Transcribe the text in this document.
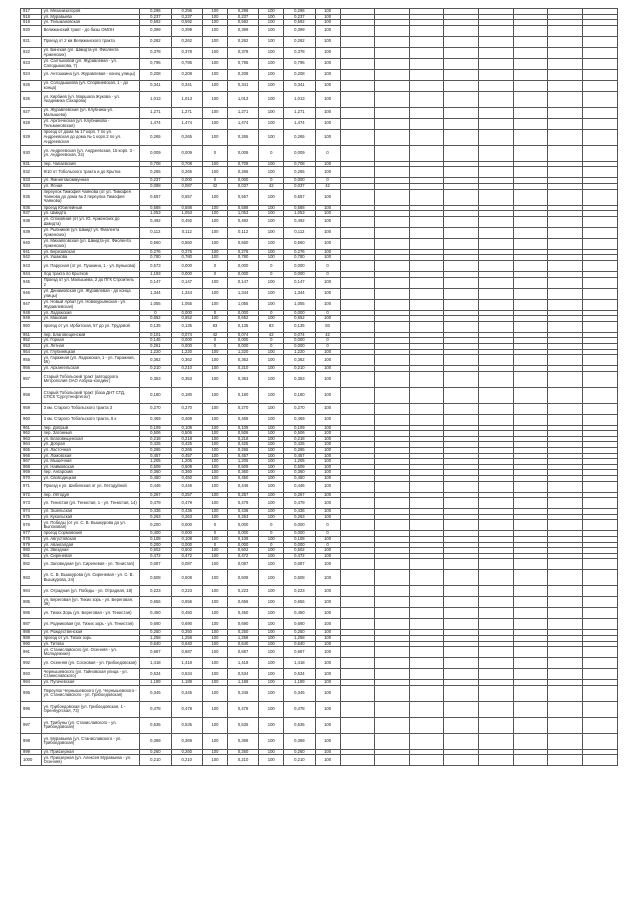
917	ул. Механизаторов	0,296	0,296	100	0,296	100	0,296	100								
918	ул. Муравьева	0,237	0,237	100	0,237	100	0,237	100								
919	ул. Тельмановская	0,592	0,592	100	0,592	100	0,592	100								
920	Велижанский тракт - до базы ОМОН	0,399	0,399	100	0,399	100	0,399	100								
921	Проезд от 2 км Велижанского тракта	0,262	0,262	100	0,262	100	0,262	100								
922	ул. Бинская (ул. Шмидта-ул. Фиолента Арженских)	0,378	0,378	100	0,378	100	0,378	100								
923	ул. Салтыковой (ул. Журавлевая - ул. Солодышкова, 7)	0,795	0,795	100	0,795	100	0,795	100								
924	ул. Антошкина (ул. Журавлевая - конец улицы)	0,208	0,208	100	0,208	100	0,208	100								
925	ул. Солодышкова (ул. Спорвиевская, 1 - до конца)	0,341	0,341	100	0,341	100	0,341	100								
926	ул. Кирбиев (ул. Маршала Жукова - ул. Академика Сахарова)	1,013	1,013	100	1,013	100	1,013	100								
927	ул. Журавлевская (ул. Клубника-ул. Малышева)	1,271	1,271	100	1,271	100	1,271	100								
928	ул. Арктическая (ул. Клубникова - Тельмановская)	1,474	1,474	100	1,474	100	1,474	100								
929	проезд от дома № 17 корп. 7 по ул. Андреевская до дома № 1 корп.2 по ул. Андреевская	0,265	0,265	100	0,265	100	0,265	100								
930	ул. Андреевская (ул. Андреевская, 15 корп. 3 - ул. Андреевская, 24)	0,009	0,009	0	0,009	0	0,009	0								
931	пер. Чапаевский	0,708	0,708	100	0,708	100	0,708	100								
932	9/10 от Тобольского тракта и до Крытка	0,265	0,265	100	0,265	100	0,265	100								
933	ул. Ямнинтакоммунная	0,237	0,000	0	0,000	0	0,000	0								
934	ул. Ясная	0,088	0,087	42	0,037	42	0,037	42								
935	переулок Тимофея Чаянова (от ул. Тимофея Чаянова до дома № 2 переулка Тимофея Чаянова)	0,557	0,557	100	0,557	100	0,557	100								
936	проезд Юбилейный	0,588	0,588	100	0,588	100	0,588	100								
937	ул. Шмидта	1,053	1,053	100	1,053	100	1,053	100								
938	ул. Спокойная (от ул. Ю. Арженских до Шмидта)	0,492	0,492	100	0,492	100	0,492	100								
939	ул. Рыбников (ул. Шмидт ул. Фиолента Арженских)	0,112	0,112	100	0,112	100	0,112	100								
940	ул. Михайловская (ул. Шмидта-ул. Фиолента Арженских)	0,560	0,560	100	0,560	100	0,560	100								
941	ул. Березовская	0,276	0,276	100	0,276	100	0,276	100								
942	ул. Ушакова	0,780	0,780	100	0,780	100	0,780	100								
943	ул. Парусная (от ул. Пушкина, 1 - ул. Бунькова)	0,573	0,000	0	0,000	0	0,000	0								
944	Ход тракта по Крытков	1,193	0,000	0	0,000	0	0,000	0								
945	Проезд от ул. Малышева, 2 до ПГК Строитель 2	0,147	0,147	100	0,147	100	0,147	100								
946	ул. Динамовская (ул. Журавлевая - до конца улицы)	1,344	1,344	100	1,344	100	1,344	100								
947	ул. Новый Арбат (ул. Новокурьянская - ул. Журавлевская)	1,055	1,055	100	1,055	100	1,055	100								
948	ул. Ладожская	0	0,000	0	0,000	0	0,000	0								
949	ул. Маковая	0,652	0,652	100	0,652	100	0,652	100								
950	проезд от ул. Ирбитская, 57 до ул. Трудовой	0,135	0,135	83	0,135	83	0,135	83								
951	пер. Благовещенский	0,101	0,074	42	0,074	42	0,074	42								
952	ул. Горная	0,146	0,000	0	0,000	0	0,000	0								
953	ул. Летная	0,261	0,000	0	0,000	0	0,000	0								
954	ул. Глубиняцкая	1,220	1,220	100	1,220	100	1,220	100								
955	ул. Гаражная (ул. Ладожская, 1 - ул. Гаражная, 55)	0,362	0,362	100	0,362	100	0,362	100								
956	ул. Архангельская	0,210	0,210	100	0,210	100	0,210	100								
957	Старый Тобольский тракт (автодорога Метрополия ОАО Азбука-холдинг)	0,353	0,353	100	0,353	100	0,353	100								
958	Старый Тобольский тракт (база ДНТ СТД, СПСК 'Сургутнефтегаз')	0,180	0,180	100	0,180	100	0,180	100								
959	3 км. Старого Тобольского тракта 3	0,270	0,270	100	0,270	100	0,270	100								
960	3 км. Старого Тобольского тракта, 8 к	0,469	0,469	100	0,469	100	0,469	100								
961	пер. Добрый	0,109	0,109	100	0,109	100	0,109	100								
962	пер. Затонный	0,506	0,506	100	0,506	100	0,506	100								
963	ул. Благовещенская	0,218	0,218	100	0,218	100	0,218	100								
964	ул. Добрая	0,425	0,425	100	0,425	100	0,425	100								
965	ул. Ласточная	0,265	0,265	100	0,265	100	0,265	100								
966	ул. Ломовская	0,457	0,457	100	0,457	100	0,457	100								
967	ул. Мышечная	1,205	1,205	100	1,205	100	1,205	100								
968	ул. Наймовская	0,509	0,509	100	0,509	100	0,509	100								
969	пер. Ангарский	0,360	0,360	100	0,360	100	0,360	100								
970	ул. Свободецкая	0,450	0,450	100	0,450	100	0,450	100								
971	Проезд к ул. Шибинская от ул. Летодуйной	0,446	0,446	100	0,446	100	0,446	100								
972	пер. Лётодуй	0,257	0,257	100	0,257	100	0,257	100								
973	ул. Тенистая (ул. Тенистая, 1 - ул. Тенистая, 14)	0,479	0,479	100	0,479	100	0,479	100								
974	ул. Эшельская	0,436	0,436	100	0,436	100	0,436	100								
975	ул. Кукольская	0,263	0,263	100	0,263	100	0,263	100								
976	ул. Победы (от ул. С. В. Вышкурова до ул. Выпоковая)	0,200	0,000	0	0,000	0	0,000	0								
977	проезд Сормовский	0,400	0,000	0	0,000	0	0,000	0								
978	ул. Августовская	0,108	0,108	100	0,108	100	0,108	100								
979	ул. Авангалдая	0,200	0,000	0	0,000	0	0,000	0								
980	ул. Звездная	0,502	0,502	100	0,502	100	0,502	100								
981	ул. Сиреневая	0,472	0,472	100	0,472	100	0,472	100								
982	ул. Заповедная (ул. Сиреневая - ул. Тенистая)	0,087	0,087	100	0,087	100	0,087	100								
983	ул. С. В. Вышкурова (ул. Сиреневая - ул. С. В. Вышкурова, 24)	0,508	0,508	100	0,508	100	0,508	100								
984	ул. Отрадная (ул. Победы - ул. Отрадная, 18)	0,223	0,223	100	0,223	100	0,223	100								
985	ул. Береговая (ул. Тихих зорь - ул. Береговая, 39)	0,656	0,656	100	0,656	100	0,656	100								
986	ул. Тихих Зорь (ул. Береговая - ул. Тенистая)	0,450	0,450	100	0,450	100	0,450	100								
987	ул. Родниковая (ул. Тихих зорь - ул. Тенистая)	0,690	0,690	100	0,690	100	0,690	100								
988	ул. Рождественская	0,250	0,250	100	0,250	100	0,250	100								
989	проезд от ул. Тихих зорь	1,258	1,258	100	1,258	100	1,258	100								
990	ул. Титова	0,640	0,640	100	0,640	100	0,640	100								
991	ул. Станиславского (ул. Осенняя - ул. Молодежная)	0,687	0,687	100	0,687	100	0,687	100								
992	ул. Осенняя (ул. Сосновая - ул. Грибоедовская)	1,418	1,418	100	1,418	100	1,418	100								
993	Чернышевского (ул. Гайновская улица - ул. Станиславского)	0,534	0,534	100	0,534	100	0,534	100								
994	ул. Пугачевская	1,189	1,189	100	1,189	100	1,189	100								
995	Переулок Чернышевского (ул. Чернышевского - ул. Станиславского - ул. Грибоедовская)	0,345	0,345	100	0,345	100	0,345	100								
996	ул. Грибоедовская (ул. Грибоедовская, 1 - Оренбургская, 73)	0,478	0,478	100	0,478	100	0,478	100								
997	ул. Трибуны (ул. Станиславского - ул. Грибоедовская)	0,535	0,535	100	0,535	100	0,535	100								
998	ул. Муравьева (ул. Станиславского - ул. Грибоедовская)	0,369	0,369	100	0,369	100	0,369	100								
999	ул. Приозерная	0,260	0,260	100	0,260	100	0,260	100								
1000	ул. Приозерная (ул. Алексея Муравьева - ул. Осенняя)	0,210	0,210	100	0,210	100	0,210	100								
